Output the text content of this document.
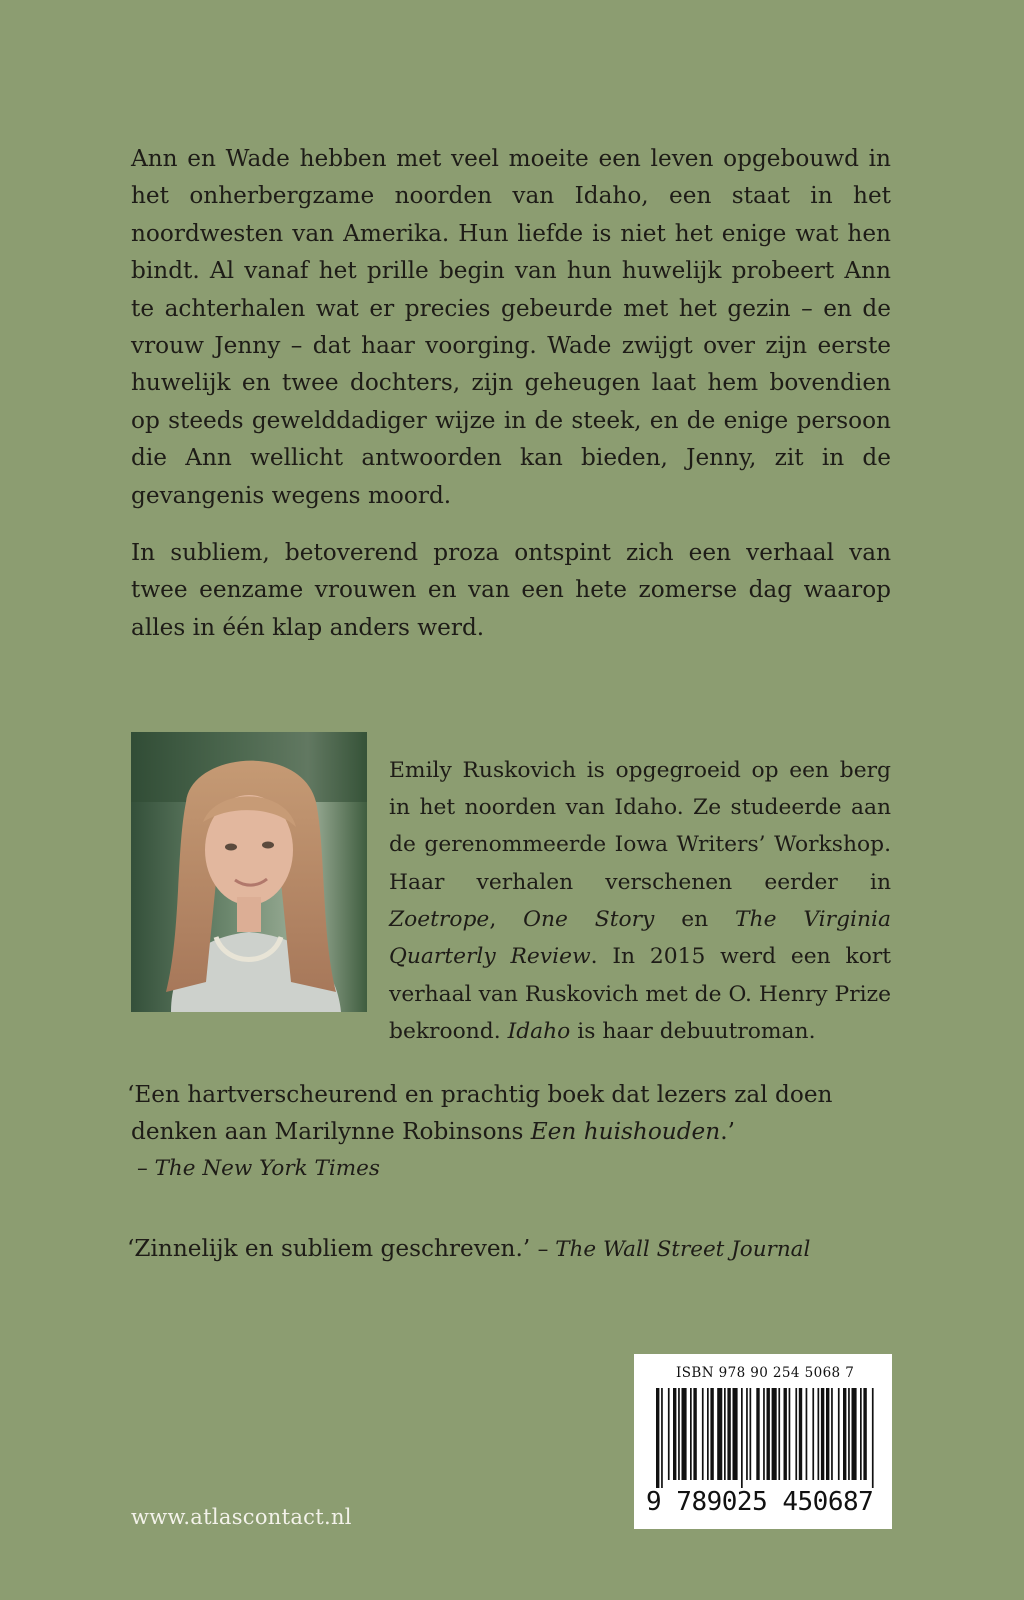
Ann en Wade hebben met veel moeite een leven opgebouwd in het onherbergzame noorden van Idaho, een staat in het noordwesten van Amerika. Hun liefde is niet het enige wat hen bindt. Al vanaf het prille begin van hun huwelijk probeert Ann te achterhalen wat er precies gebeurde met het gezin – en de vrouw Jenny – dat haar voorging. Wade zwijgt over zijn eerste huwelijk en twee dochters, zijn geheugen laat hem bovendien op steeds gewelddadiger wijze in de steek, en de enige persoon die Ann wellicht antwoorden kan bieden, Jenny, zit in de gevangenis wegens moord.

In subliem, betoverend proza ontspint zich een verhaal van twee eenzame vrouwen en van een hete zomerse dag waarop alles in één klap anders werd.

Emily Ruskovich is opgegroeid op een berg in het noorden van Idaho. Ze studeerde aan de gerenommeerde Iowa Writers’ Workshop. Haar verhalen verschenen eerder in Zoetrope, One Story en The Virginia Quarterly Review. In 2015 werd een kort verhaal van Ruskovich met de O. Henry Prize bekroond. Idaho is haar debuutroman.

‘Een hartverscheurend en prachtig boek dat lezers zal doen
denken aan Marilynne Robinsons Een huishouden.’
– The New York Times
‘Zinnelijk en subliem geschreven.’ – The Wall Street Journal
ISBN 978 90 254 5068 7
9 789025 450687
www.atlascontact.nl
